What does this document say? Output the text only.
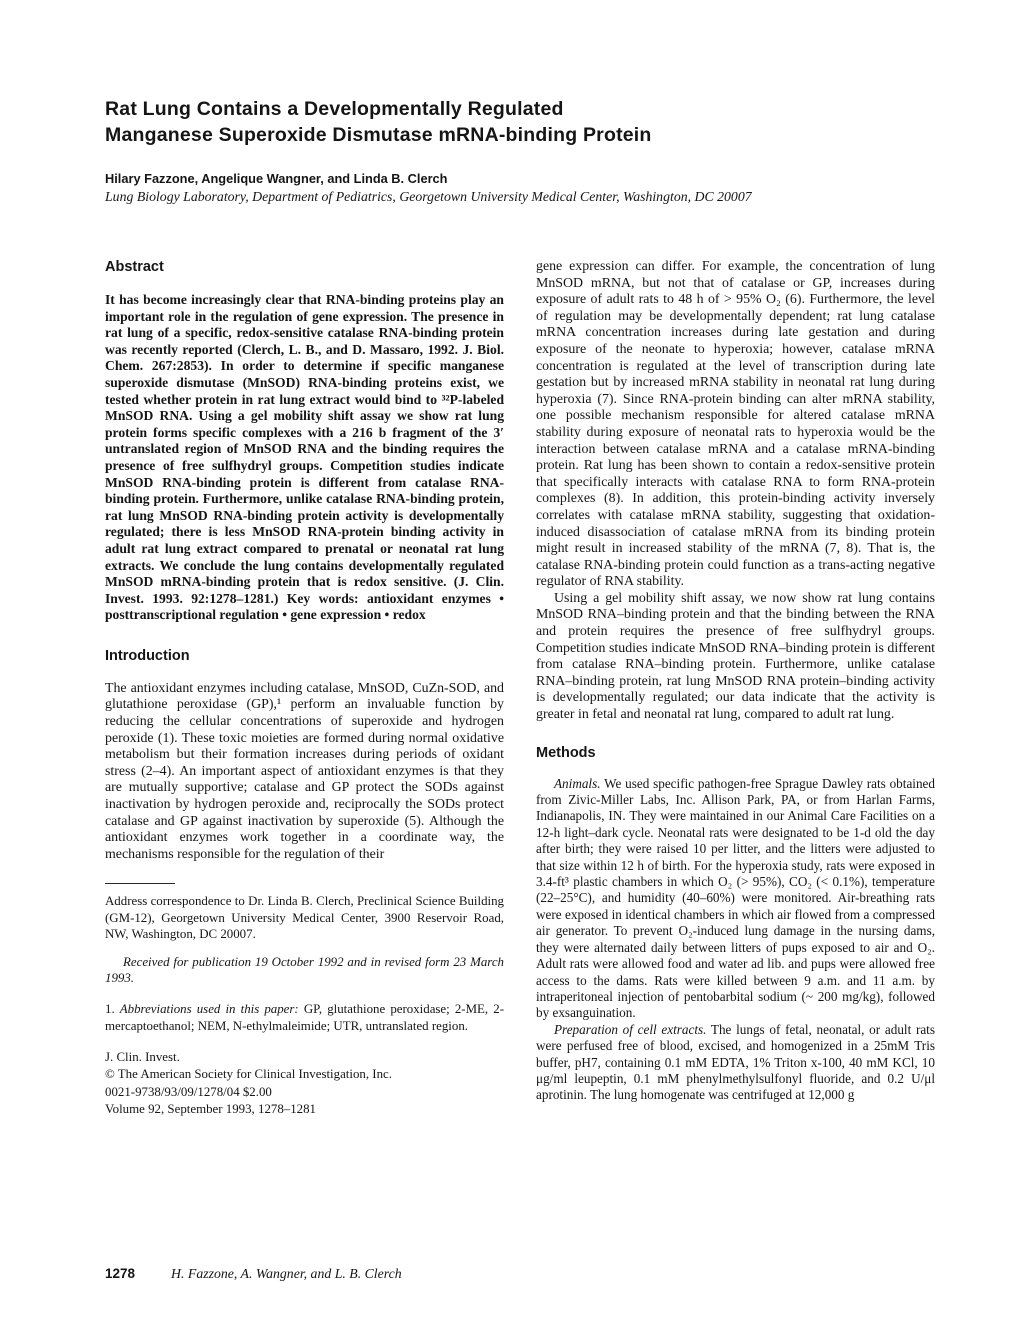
Rat Lung Contains a Developmentally Regulated
Manganese Superoxide Dismutase mRNA-binding Protein

Hilary Fazzone, Angelique Wangner, and Linda B. Clerch

Lung Biology Laboratory, Department of Pediatrics, Georgetown University Medical Center, Washington, DC 20007

Abstract

It has become increasingly clear that RNA-binding proteins play an important role in the regulation of gene expression. The presence in rat lung of a specific, redox-sensitive catalase RNA-binding protein was recently reported (Clerch, L. B., and D. Massaro, 1992. J. Biol. Chem. 267:2853). In order to determine if specific manganese superoxide dismutase (MnSOD) RNA-binding proteins exist, we tested whether protein in rat lung extract would bind to ³²P-labeled MnSOD RNA. Using a gel mobility shift assay we show rat lung protein forms specific complexes with a 216 b fragment of the 3′ untranslated region of MnSOD RNA and the binding requires the presence of free sulfhydryl groups. Competition studies indicate MnSOD RNA-binding protein is different from catalase RNA-binding protein. Furthermore, unlike catalase RNA-binding protein, rat lung MnSOD RNA-binding protein activity is developmentally regulated; there is less MnSOD RNA-protein binding activity in adult rat lung extract compared to prenatal or neonatal rat lung extracts. We conclude the lung contains developmentally regulated MnSOD mRNA-binding protein that is redox sensitive. (J. Clin. Invest. 1993. 92:1278–1281.) Key words: antioxidant enzymes • posttranscriptional regulation • gene expression • redox

Introduction

The antioxidant enzymes including catalase, MnSOD, CuZn-SOD, and glutathione peroxidase (GP),¹ perform an invaluable function by reducing the cellular concentrations of superoxide and hydrogen peroxide (1). These toxic moieties are formed during normal oxidative metabolism but their formation increases during periods of oxidant stress (2–4). An important aspect of antioxidant enzymes is that they are mutually supportive; catalase and GP protect the SODs against inactivation by hydrogen peroxide and, reciprocally the SODs protect catalase and GP against inactivation by superoxide (5). Although the antioxidant enzymes work together in a coordinate way, the mechanisms responsible for the regulation of their

Address correspondence to Dr. Linda B. Clerch, Preclinical Science Building (GM-12), Georgetown University Medical Center, 3900 Reservoir Road, NW, Washington, DC 20007.

Received for publication 19 October 1992 and in revised form 23 March 1993.

1. Abbreviations used in this paper: GP, glutathione peroxidase; 2-ME, 2-mercaptoethanol; NEM, N-ethylmaleimide; UTR, untranslated region.

J. Clin. Invest.

© The American Society for Clinical Investigation, Inc.

0021-9738/93/09/1278/04 $2.00

Volume 92, September 1993, 1278–1281

gene expression can differ. For example, the concentration of lung MnSOD mRNA, but not that of catalase or GP, increases during exposure of adult rats to 48 h of > 95% O₂ (6). Furthermore, the level of regulation may be developmentally dependent; rat lung catalase mRNA concentration increases during late gestation and during exposure of the neonate to hyperoxia; however, catalase mRNA concentration is regulated at the level of transcription during late gestation but by increased mRNA stability in neonatal rat lung during hyperoxia (7). Since RNA-protein binding can alter mRNA stability, one possible mechanism responsible for altered catalase mRNA stability during exposure of neonatal rats to hyperoxia would be the interaction between catalase mRNA and a catalase mRNA-binding protein. Rat lung has been shown to contain a redox-sensitive protein that specifically interacts with catalase RNA to form RNA-protein complexes (8). In addition, this protein-binding activity inversely correlates with catalase mRNA stability, suggesting that oxidation-induced disassociation of catalase mRNA from its binding protein might result in increased stability of the mRNA (7, 8). That is, the catalase RNA-binding protein could function as a trans-acting negative regulator of RNA stability.

Using a gel mobility shift assay, we now show rat lung contains MnSOD RNA–binding protein and that the binding between the RNA and protein requires the presence of free sulfhydryl groups. Competition studies indicate MnSOD RNA–binding protein is different from catalase RNA–binding protein. Furthermore, unlike catalase RNA–binding protein, rat lung MnSOD RNA protein–binding activity is developmentally regulated; our data indicate that the activity is greater in fetal and neonatal rat lung, compared to adult rat lung.

Methods

Animals. We used specific pathogen-free Sprague Dawley rats obtained from Zivic-Miller Labs, Inc. Allison Park, PA, or from Harlan Farms, Indianapolis, IN. They were maintained in our Animal Care Facilities on a 12-h light–dark cycle. Neonatal rats were designated to be 1-d old the day after birth; they were raised 10 per litter, and the litters were adjusted to that size within 12 h of birth. For the hyperoxia study, rats were exposed in 3.4-ft³ plastic chambers in which O₂ (> 95%), CO₂ (< 0.1%), temperature (22–25°C), and humidity (40–60%) were monitored. Air-breathing rats were exposed in identical chambers in which air flowed from a compressed air generator. To prevent O₂-induced lung damage in the nursing dams, they were alternated daily between litters of pups exposed to air and O₂. Adult rats were allowed food and water ad lib. and pups were allowed free access to the dams. Rats were killed between 9 a.m. and 11 a.m. by intraperitoneal injection of pentobarbital sodium (~ 200 mg/kg), followed by exsanguination.

Preparation of cell extracts. The lungs of fetal, neonatal, or adult rats were perfused free of blood, excised, and homogenized in a 25mM Tris buffer, pH7, containing 0.1 mM EDTA, 1% Triton x-100, 40 mM KCl, 10 μg/ml leupeptin, 0.1 mM phenylmethylsulfonyl fluoride, and 0.2 U/μl aprotinin. The lung homogenate was centrifuged at 12,000 g

1278	H. Fazzone, A. Wangner, and L. B. Clerch
